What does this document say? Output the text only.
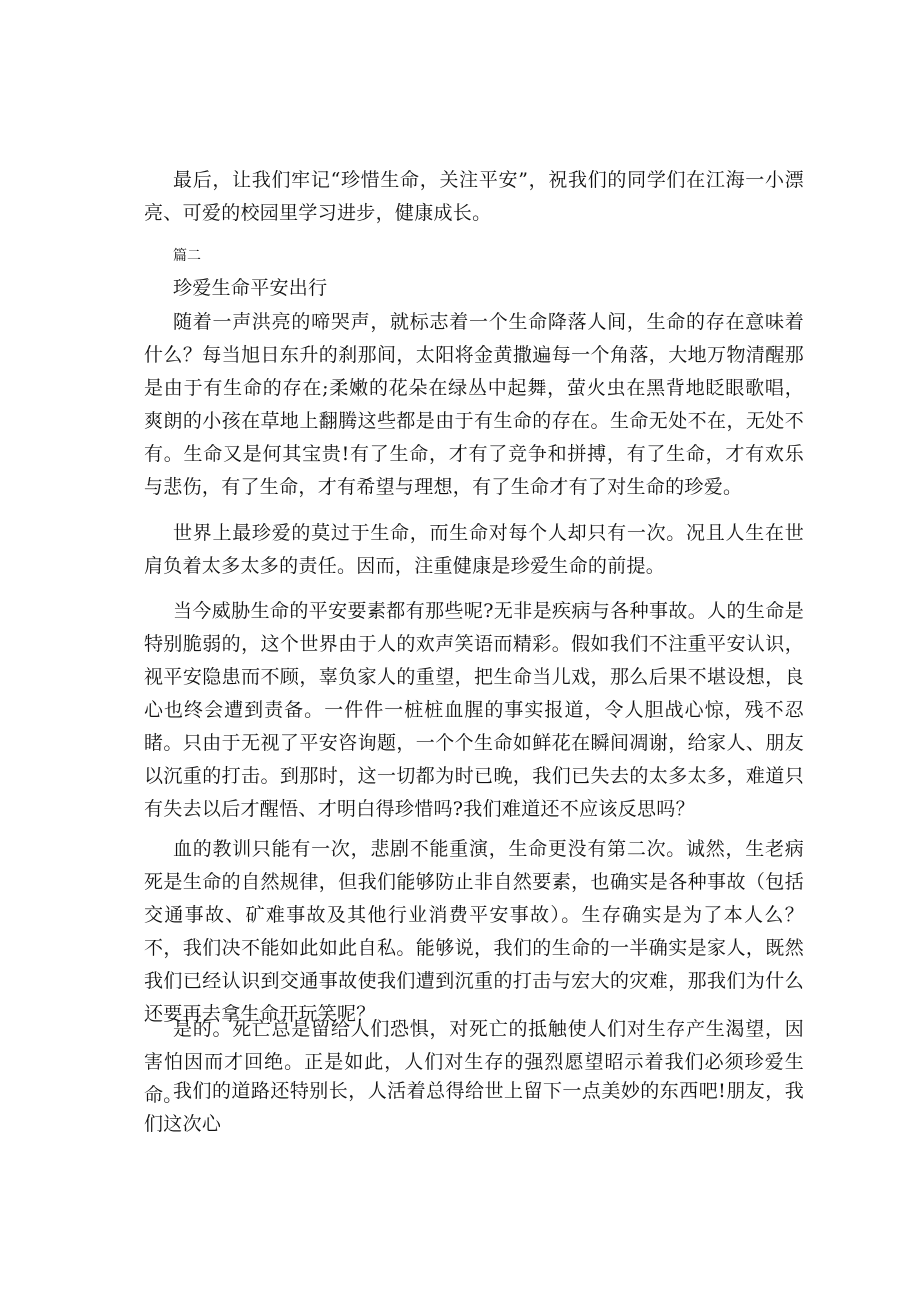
最后，让我们牢记“珍惜生命，关注平安”，祝我们的同学们在江海一小漂亮、可爱的校园里学习进步，健康成长。

篇二

珍爱生命平安出行

随着一声洪亮的啼哭声，就标志着一个生命降落人间，生命的存在意味着什么？每当旭日东升的刹那间，太阳将金黄撒遍每一个角落，大地万物清醒那是由于有生命的存在;柔嫩的花朵在绿丛中起舞，萤火虫在黑背地眨眼歌唱，爽朗的小孩在草地上翻腾这些都是由于有生命的存在。生命无处不在，无处不有。生命又是何其宝贵!有了生命，才有了竞争和拼搏，有了生命，才有欢乐与悲伤，有了生命，才有希望与理想，有了生命才有了对生命的珍爱。

世界上最珍爱的莫过于生命，而生命对每个人却只有一次。况且人生在世肩负着太多太多的责任。因而，注重健康是珍爱生命的前提。

当今威胁生命的平安要素都有那些呢?无非是疾病与各种事故。人的生命是特别脆弱的，这个世界由于人的欢声笑语而精彩。假如我们不注重平安认识，视平安隐患而不顾，辜负家人的重望，把生命当儿戏，那么后果不堪设想，良心也终会遭到责备。一件件一桩桩血腥的事实报道，令人胆战心惊，残不忍睹。只由于无视了平安咨询题，一个个生命如鲜花在瞬间凋谢，给家人、朋友以沉重的打击。到那时，这一切都为时已晚，我们已失去的太多太多，难道只有失去以后才醒悟、才明白得珍惜吗?我们难道还不应该反思吗？

血的教训只能有一次，悲剧不能重演，生命更没有第二次。诚然，生老病死是生命的自然规律，但我们能够防止非自然要素，也确实是各种事故（包括交通事故、矿难事故及其他行业消费平安事故）。生存确实是为了本人么？不，我们决不能如此如此自私。能够说，我们的生命的一半确实是家人，既然我们已经认识到交通事故使我们遭到沉重的打击与宏大的灾难，那我们为什么还要再去拿生命开玩笑呢？

是的。死亡总是留给人们恐惧，对死亡的抵触使人们对生存产生渴望，因害怕因而才回绝。正是如此，人们对生存的强烈愿望昭示着我们必须珍爱生命。

我们的道路还特别长，人活着总得给世上留下一点美妙的东西吧!朋友，我们这次心
